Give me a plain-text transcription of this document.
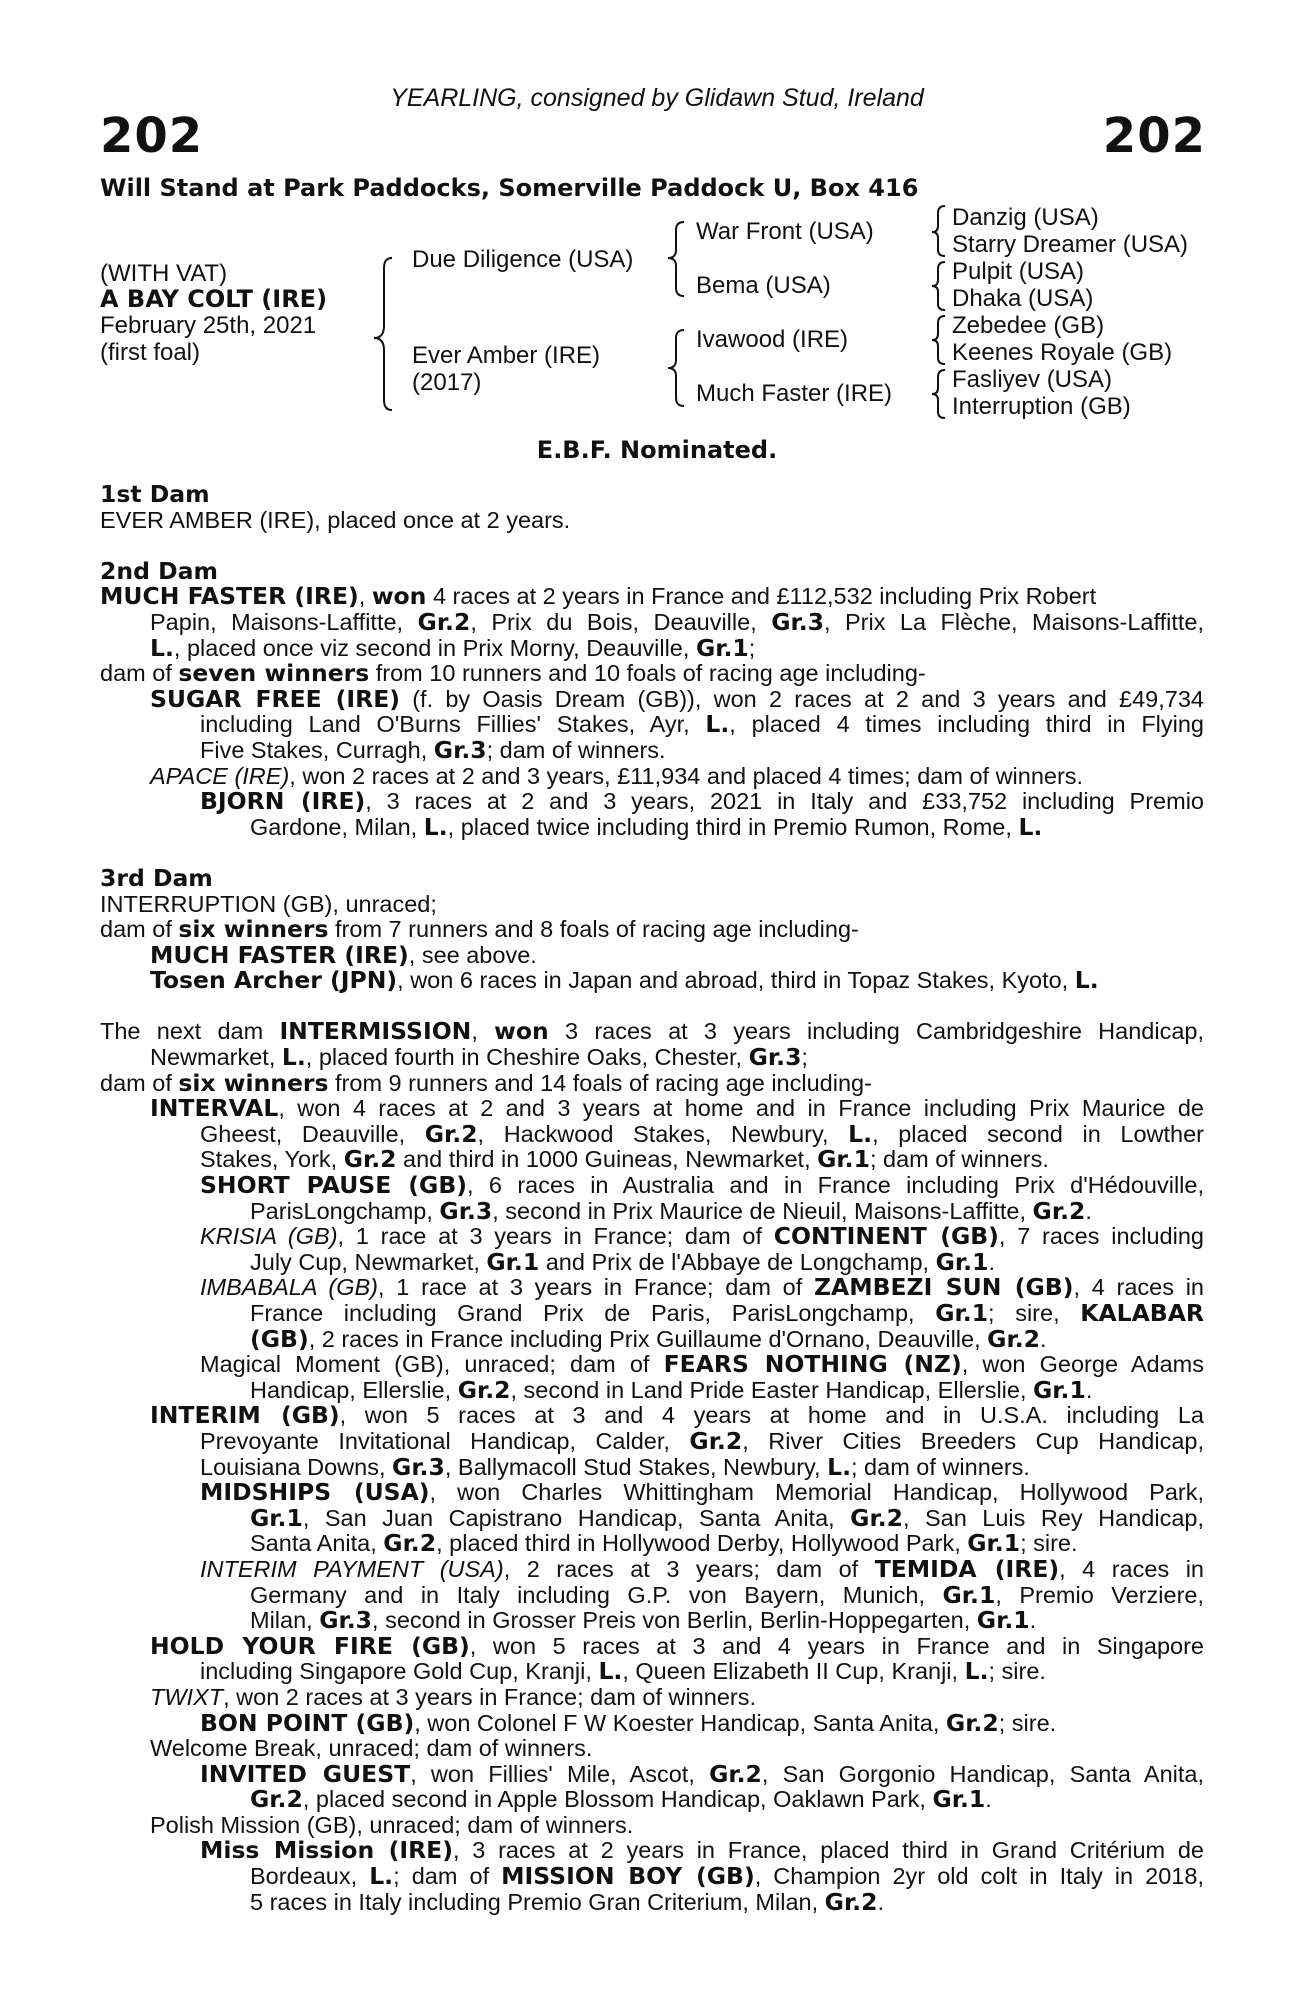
YEARLING, consigned by Glidawn Stud, Ireland
202	202
Will Stand at Park Paddocks, Somerville Paddock U, Box 416
(WITH VAT)
A BAY COLT (IRE)
February 25th, 2021
(first foal)
Due Diligence (USA)
Ever Amber (IRE)
(2017)
War Front (USA)
Bema (USA)
Ivawood (IRE)
Much Faster (IRE)
Danzig (USA)
Starry Dreamer (USA)
Pulpit (USA)
Dhaka (USA)
Zebedee (GB)
Keenes Royale (GB)
Fasliyev (USA)
Interruption (GB)
E.B.F. Nominated.

1st Dam

EVER AMBER (IRE), placed once at 2 years.

2nd Dam

MUCH FASTER (IRE), won 4 races at 2 years in France and £112,532 including Prix Robert

Papin, Maisons-Laffitte, Gr.2, Prix du Bois, Deauville, Gr.3, Prix La Flèche, Maisons-Laffitte,

L., placed once viz second in Prix Morny, Deauville, Gr.1;

dam of seven winners from 10 runners and 10 foals of racing age including-

SUGAR FREE (IRE) (f. by Oasis Dream (GB)), won 2 races at 2 and 3 years and £49,734

including Land O'Burns Fillies' Stakes, Ayr, L., placed 4 times including third in Flying

Five Stakes, Curragh, Gr.3; dam of winners.

APACE (IRE), won 2 races at 2 and 3 years, £11,934 and placed 4 times; dam of winners.

BJORN (IRE), 3 races at 2 and 3 years, 2021 in Italy and £33,752 including Premio

Gardone, Milan, L., placed twice including third in Premio Rumon, Rome, L.

3rd Dam

INTERRUPTION (GB), unraced;

dam of six winners from 7 runners and 8 foals of racing age including-

MUCH FASTER (IRE), see above.

Tosen Archer (JPN), won 6 races in Japan and abroad, third in Topaz Stakes, Kyoto, L.

The next dam INTERMISSION, won 3 races at 3 years including Cambridgeshire Handicap,

Newmarket, L., placed fourth in Cheshire Oaks, Chester, Gr.3;

dam of six winners from 9 runners and 14 foals of racing age including-

INTERVAL, won 4 races at 2 and 3 years at home and in France including Prix Maurice de

Gheest, Deauville, Gr.2, Hackwood Stakes, Newbury, L., placed second in Lowther

Stakes, York, Gr.2 and third in 1000 Guineas, Newmarket, Gr.1; dam of winners.

SHORT PAUSE (GB), 6 races in Australia and in France including Prix d'Hédouville,

ParisLongchamp, Gr.3, second in Prix Maurice de Nieuil, Maisons-Laffitte, Gr.2.

KRISIA (GB), 1 race at 3 years in France; dam of CONTINENT (GB), 7 races including

July Cup, Newmarket, Gr.1 and Prix de l'Abbaye de Longchamp, Gr.1.

IMBABALA (GB), 1 race at 3 years in France; dam of ZAMBEZI SUN (GB), 4 races in

France including Grand Prix de Paris, ParisLongchamp, Gr.1; sire, KALABAR

(GB), 2 races in France including Prix Guillaume d'Ornano, Deauville, Gr.2.

Magical Moment (GB), unraced; dam of FEARS NOTHING (NZ), won George Adams

Handicap, Ellerslie, Gr.2, second in Land Pride Easter Handicap, Ellerslie, Gr.1.

INTERIM (GB), won 5 races at 3 and 4 years at home and in U.S.A. including La

Prevoyante Invitational Handicap, Calder, Gr.2, River Cities Breeders Cup Handicap,

Louisiana Downs, Gr.3, Ballymacoll Stud Stakes, Newbury, L.; dam of winners.

MIDSHIPS (USA), won Charles Whittingham Memorial Handicap, Hollywood Park,

Gr.1, San Juan Capistrano Handicap, Santa Anita, Gr.2, San Luis Rey Handicap,

Santa Anita, Gr.2, placed third in Hollywood Derby, Hollywood Park, Gr.1; sire.

INTERIM PAYMENT (USA), 2 races at 3 years; dam of TEMIDA (IRE), 4 races in

Germany and in Italy including G.P. von Bayern, Munich, Gr.1, Premio Verziere,

Milan, Gr.3, second in Grosser Preis von Berlin, Berlin-Hoppegarten, Gr.1.

HOLD YOUR FIRE (GB), won 5 races at 3 and 4 years in France and in Singapore

including Singapore Gold Cup, Kranji, L., Queen Elizabeth II Cup, Kranji, L.; sire.

TWIXT, won 2 races at 3 years in France; dam of winners.

BON POINT (GB), won Colonel F W Koester Handicap, Santa Anita, Gr.2; sire.

Welcome Break, unraced; dam of winners.

INVITED GUEST, won Fillies' Mile, Ascot, Gr.2, San Gorgonio Handicap, Santa Anita,

Gr.2, placed second in Apple Blossom Handicap, Oaklawn Park, Gr.1.

Polish Mission (GB), unraced; dam of winners.

Miss Mission (IRE), 3 races at 2 years in France, placed third in Grand Critérium de

Bordeaux, L.; dam of MISSION BOY (GB), Champion 2yr old colt in Italy in 2018,

5 races in Italy including Premio Gran Criterium, Milan, Gr.2.
